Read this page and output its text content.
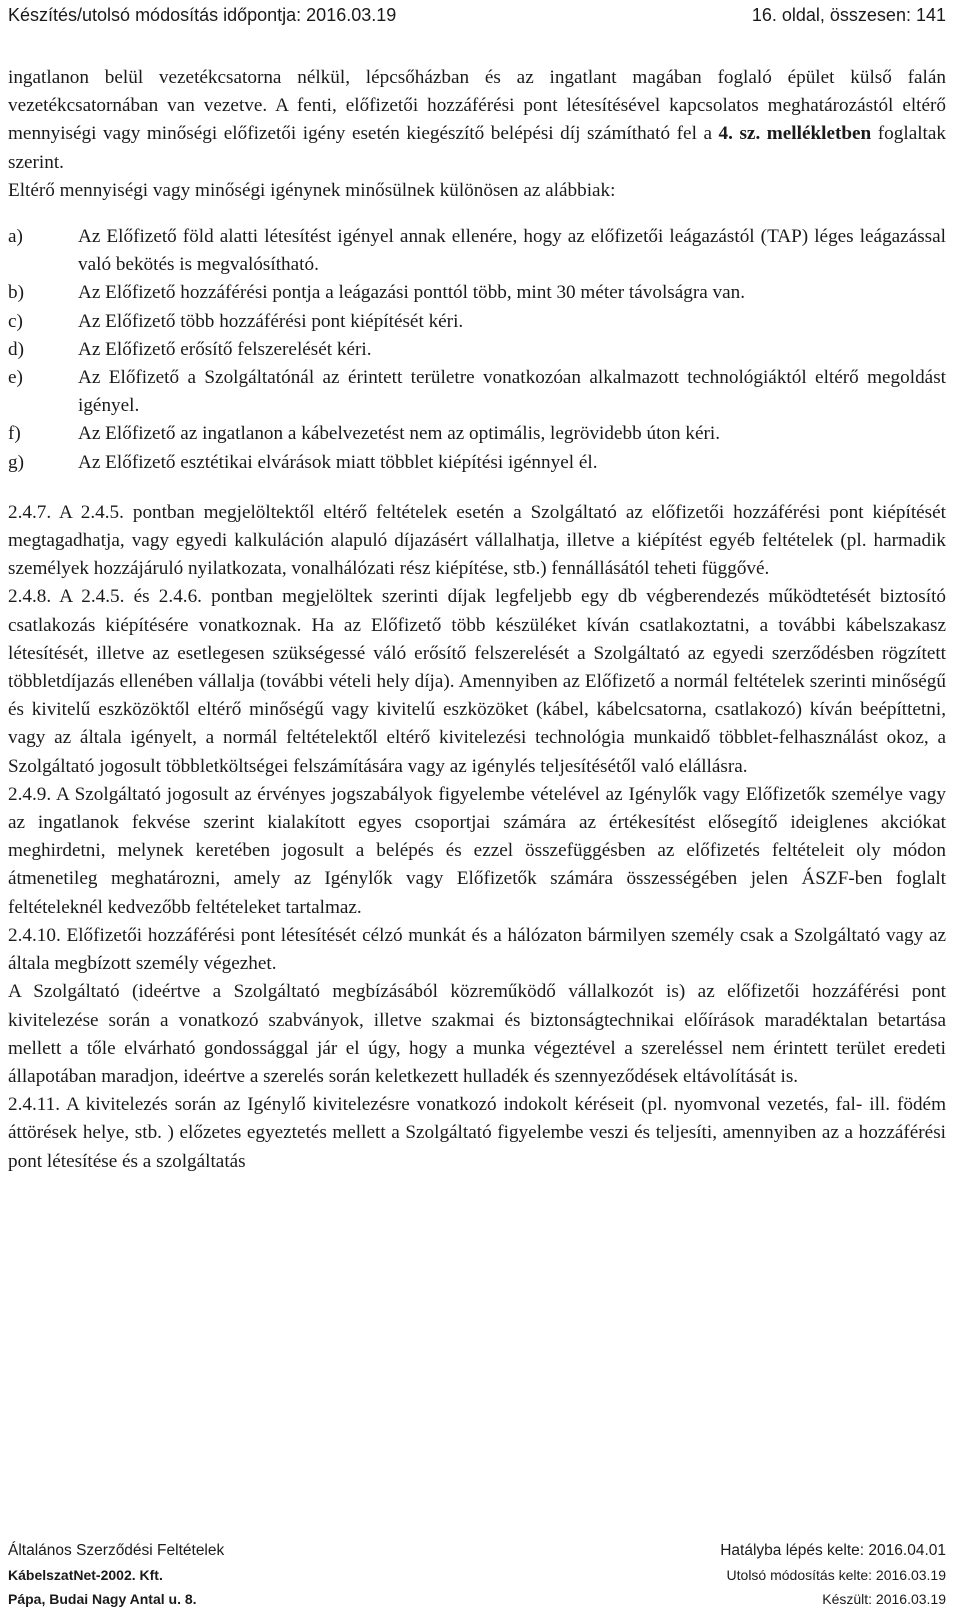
Készítés/utolsó módosítás időpontja: 2016.03.19	16. oldal, összesen: 141

ingatlanon belül vezetékcsatorna nélkül, lépcsőházban és az ingatlant magában foglaló épület külső falán vezetékcsatornában van vezetve. A fenti, előfizetői hozzáférési pont létesítésével kapcsolatos meghatározástól eltérő mennyiségi vagy minőségi előfizetői igény esetén kiegészítő belépési díj számítható fel a 4. sz. mellékletben foglaltak szerint.

Eltérő mennyiségi vagy minőségi igénynek minősülnek különösen az alábbiak:

a)	Az Előfizető föld alatti létesítést igényel annak ellenére, hogy az előfizetői leágazástól (TAP) léges leágazással való bekötés is megvalósítható.
b)	Az Előfizető hozzáférési pontja a leágazási ponttól több, mint 30 méter távolságra van.
c)	Az Előfizető több hozzáférési pont kiépítését kéri.
d)	Az Előfizető erősítő felszerelését kéri.
e)	Az Előfizető a Szolgáltatónál az érintett területre vonatkozóan alkalmazott technológiáktól eltérő megoldást igényel.
f)	Az Előfizető az ingatlanon a kábelvezetést nem az optimális, legrövidebb úton kéri.
g)	Az Előfizető esztétikai elvárások miatt többlet kiépítési igénnyel él.

2.4.7. A 2.4.5. pontban megjelöltektől eltérő feltételek esetén a Szolgáltató az előfizetői hozzáférési pont kiépítését megtagadhatja, vagy egyedi kalkuláción alapuló díjazásért vállalhatja, illetve a kiépítést egyéb feltételek (pl. harmadik személyek hozzájáruló nyilatkozata, vonalhálózati rész kiépítése, stb.) fennállásától teheti függővé.

2.4.8. A 2.4.5. és 2.4.6. pontban megjelöltek szerinti díjak legfeljebb egy db végberendezés működtetését biztosító csatlakozás kiépítésére vonatkoznak. Ha az Előfizető több készüléket kíván csatlakoztatni, a további kábelszakasz létesítését, illetve az esetlegesen szükségessé váló erősítő felszerelését a Szolgáltató az egyedi szerződésben rögzített többletdíjazás ellenében vállalja (további vételi hely díja). Amennyiben az Előfizető a normál feltételek szerinti minőségű és kivitelű eszközöktől eltérő minőségű vagy kivitelű eszközöket (kábel, kábelcsatorna, csatlakozó) kíván beépíttetni, vagy az általa igényelt, a normál feltételektől eltérő kivitelezési technológia munkaidő többlet-felhasználást okoz, a Szolgáltató jogosult többletköltségei felszámítására vagy az igénylés teljesítésétől való elállásra.

2.4.9. A Szolgáltató jogosult az érvényes jogszabályok figyelembe vételével az Igénylők vagy Előfizetők személye vagy az ingatlanok fekvése szerint kialakított egyes csoportjai számára az értékesítést elősegítő ideiglenes akciókat meghirdetni, melynek keretében jogosult a belépés és ezzel összefüggésben az előfizetés feltételeit oly módon átmenetileg meghatározni, amely az Igénylők vagy Előfizetők számára összességében jelen ÁSZF-ben foglalt feltételeknél kedvezőbb feltételeket tartalmaz.

2.4.10. Előfizetői hozzáférési pont létesítését célzó munkát és a hálózaton bármilyen személy csak a Szolgáltató vagy az általa megbízott személy végezhet.

A Szolgáltató (ideértve a Szolgáltató megbízásából közreműködő vállalkozót is) az előfizetői hozzáférési pont kivitelezése során a vonatkozó szabványok, illetve szakmai és biztonságtechnikai előírások maradéktalan betartása mellett a tőle elvárható gondossággal jár el úgy, hogy a munka végeztével a szereléssel nem érintett terület eredeti állapotában maradjon, ideértve a szerelés során keletkezett hulladék és szennyeződések eltávolítását is.

2.4.11. A kivitelezés során az Igénylő kivitelezésre vonatkozó indokolt kéréseit (pl. nyomvonal vezetés, fal- ill. födém áttörések helye, stb. ) előzetes egyeztetés mellett a Szolgáltató figyelembe veszi és teljesíti, amennyiben az a hozzáférési pont létesítése és a szolgáltatás

Általános Szerződési Feltételek	Hatályba lépés kelte: 2016.04.01
KábelszatNet-2002. Kft.	Utolsó módosítás kelte: 2016.03.19
Pápa, Budai Nagy Antal u. 8.	Készült: 2016.03.19
